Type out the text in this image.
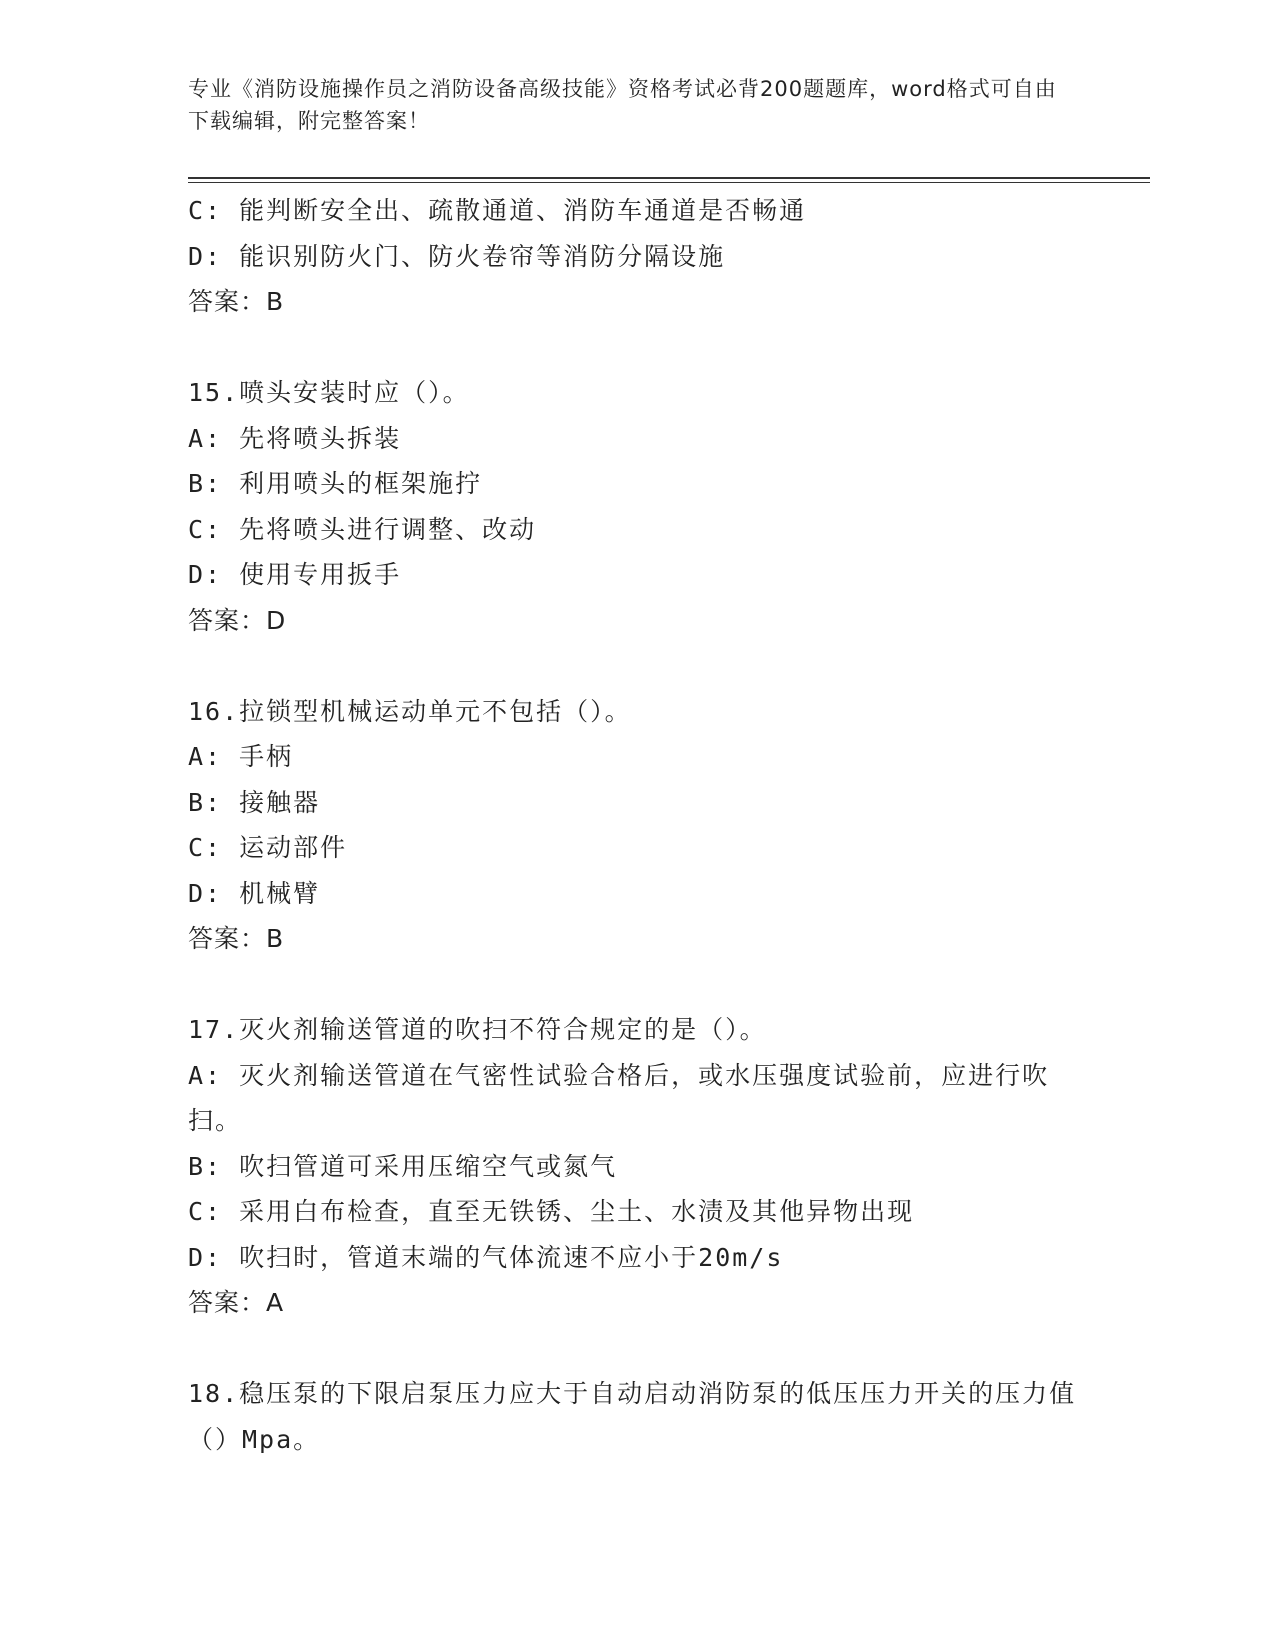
专业《消防设施操作员之消防设备高级技能》资格考试必背200题题库，word格式可自由下载编辑，附完整答案！
C: 能判断安全出、疏散通道、消防车通道是否畅通
D: 能识别防火门、防火卷帘等消防分隔设施
答案：B
15.喷头安装时应（）。
A: 先将喷头拆装
B: 利用喷头的框架施拧
C: 先将喷头进行调整、改动
D: 使用专用扳手
答案：D
16.拉锁型机械运动单元不包括（）。
A: 手柄
B: 接触器
C: 运动部件
D: 机械臂
答案：B
17.灭火剂输送管道的吹扫不符合规定的是（）。
A: 灭火剂输送管道在气密性试验合格后，或水压强度试验前，应进行吹扫。
B: 吹扫管道可采用压缩空气或氮气
C: 采用白布检查，直至无铁锈、尘土、水渍及其他异物出现
D: 吹扫时，管道末端的气体流速不应小于20m/s
答案：A
18.稳压泵的下限启泵压力应大于自动启动消防泵的低压压力开关的压力值（）Mpa。
